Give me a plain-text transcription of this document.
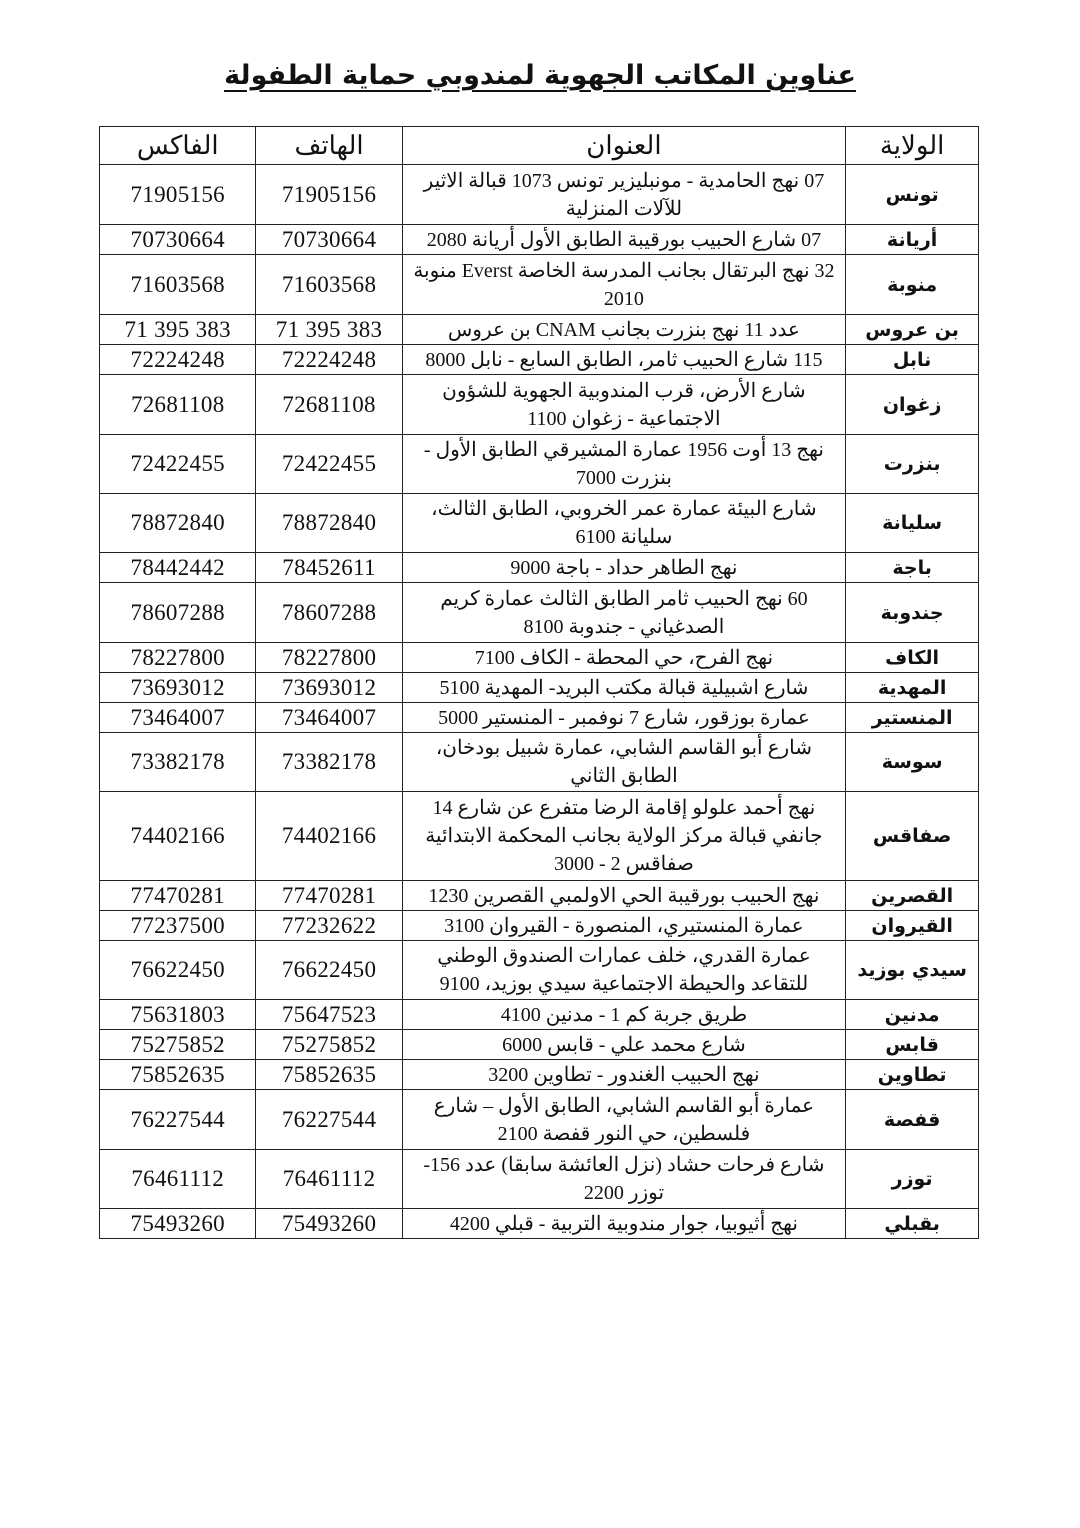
عناوين المكاتب الجهوية لمندوبي حماية الطفولة
الولاية	العنوان	الهاتف	الفاكس
تونس	07 نهج الحامدية - مونبليزير تونس 1073 قبالة الاثير للآلات المنزلية	71905156	71905156
أريانة	07 شارع الحبيب بورقيبة الطابق الأول أريانة 2080	70730664	70730664
منوبة	32 نهج البرتقال بجانب المدرسة الخاصة Everst منوبة 2010	71603568	71603568
بن عروس	عدد 11 نهج بنزرت بجانب CNAM بن عروس	71 395 383	71 395 383
نابل	115 شارع الحبيب ثامر، الطابق السابع - نابل 8000	72224248	72224248
زغوان	شارع الأرض، قرب المندوبية الجهوية للشؤون الاجتماعية - زغوان 1100	72681108	72681108
بنزرت	نهج 13 أوت 1956 عمارة المشيرقي الطابق الأول - بنزرت 7000	72422455	72422455
سليانة	شارع البيئة عمارة عمر الخروبي، الطابق الثالث، سليانة 6100	78872840	78872840
باجة	نهج الطاهر حداد - باجة 9000	78452611	78442442
جندوبة	60 نهج الحبيب ثامر الطابق الثالث عمارة كريم الصدغياني - جندوبة 8100	78607288	78607288
الكاف	نهج الفرح، حي المحطة - الكاف 7100	78227800	78227800
المهدية	شارع اشبيلية قبالة مكتب البريد- المهدية 5100	73693012	73693012
المنستير	عمارة بوزقور، شارع 7 نوفمبر - المنستير 5000	73464007	73464007
سوسة	شارع أبو القاسم الشابي، عمارة شبيل بودخان، الطابق الثاني	73382178	73382178
صفاقس	نهج أحمد علولو إقامة الرضا متفرع عن شارع 14 جانفي قبالة مركز الولاية بجانب المحكمة الابتدائية صفاقس 2 - 3000	74402166	74402166
القصرين	نهج الحبيب بورقيبة الحي الاولمبي القصرين 1230	77470281	77470281
القيروان	عمارة المنستيري، المنصورة - القيروان 3100	77232622	77237500
سيدي بوزيد	عمارة القدري، خلف عمارات الصندوق الوطني للتقاعد والحيطة الاجتماعية سيدي بوزيد، 9100	76622450	76622450
مدنين	طريق جربة كم 1 - مدنين 4100	75647523	75631803
قابس	شارع محمد علي - قابس 6000	75275852	75275852
تطاوين	نهج الحبيب الغندور - تطاوين 3200	75852635	75852635
قفصة	عمارة أبو القاسم الشابي، الطابق الأول – شارع فلسطين، حي النور قفصة 2100	76227544	76227544
توزر	شارع فرحات حشاد (نزل العائشة سابقا) عدد 156- توزر 2200	76461112	76461112
بقبلي	نهج أثيوبيا، جوار مندوبية التربية - قبلي 4200	75493260	75493260
